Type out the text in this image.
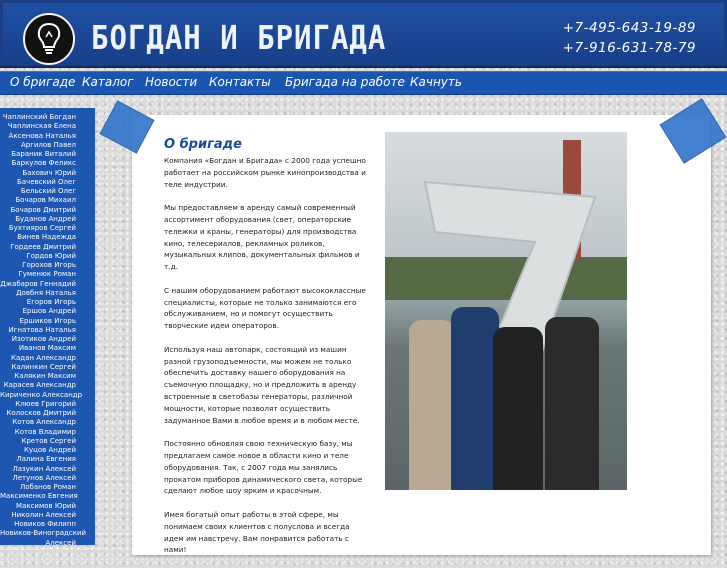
БОГДАН И БРИГАДА	+7-495-643-19-89
+7-916-631-78-79
О бригаде Каталог Новости Контакты Бригада на работе Качнуть
Чаплинский Богдан
Чаплинская Елена
Аксенова Наталья
Аргилов Павел
Бараник Виталий
Баркулов Феликс
Бахович Юрий
Бачевский Олег
Бельский Олег
Бочаров Михаил
Бочаров Дмитрий
Буданов Андрей
Бухтияров Сергей
Винев Надежда
Гордеев Дмитрий
Гордов Юрий
Горохов Игорь
Гуменюк Роман
Джабаров Геннадий
Довбня Наталья
Егоров Игорь
Ершов Андрей
Ершиков Игорь
Игнатова Наталья
Изотиков Андрей
Иванов Максим
Кадан Александр
Калинкин Сергей
Калякин Максим
Карасев Александр
Кириченко Александр
Клюев Григорий
Колосков Дмитрий
Котов Александр
Котов Владимир
Кретов Сергей
Куцов Андрей
Лалина Евгения
Лазукин Алексей
Летунов Алексей
Лобанов Роман
Максименко Евгения
Максимов Юрий
Николин Алексей
Новиков Филипп
Новиков-Виноградский
Алексей
О бригаде

Компания «Богдан и Бригада» с 2000 года успешно работает на российском рынке кинопроизводства и теле индустрии.

Мы предоставляем в аренду самый современный ассортимент оборудования (свет, операторские тележки и краны, генераторы) для производства кино, телесериалов, рекламных роликов, музыкальных клипов, документальных фильмов и т.д.

С нашим оборудованием работают высококлассные специалисты, которые не только занимаются его обслуживанием, но и помогут осуществить творческие идеи операторов.

Используя наш автопарк, состоящий из машин разной грузоподъемности, мы можем не только обеспечить доставку нашего оборудования на съемочную площадку, но и предложить в аренду встроенные в светобазы генераторы, различной мощности, которые позволят осуществить задуманное Вами в любое время и в любом месте.

Постоянно обновляя свою техническую базу, мы предлагаем самое новое в области кино и теле оборудования. Так, с 2007 года мы занялись прокатом приборов динамического света, которые сделают любое шоу ярким и красочным.

Имея богатый опыт работы в этой сфере, мы понимаем своих клиентов с полуслова и всегда идем им навстречу. Вам понравится работать с нами!
